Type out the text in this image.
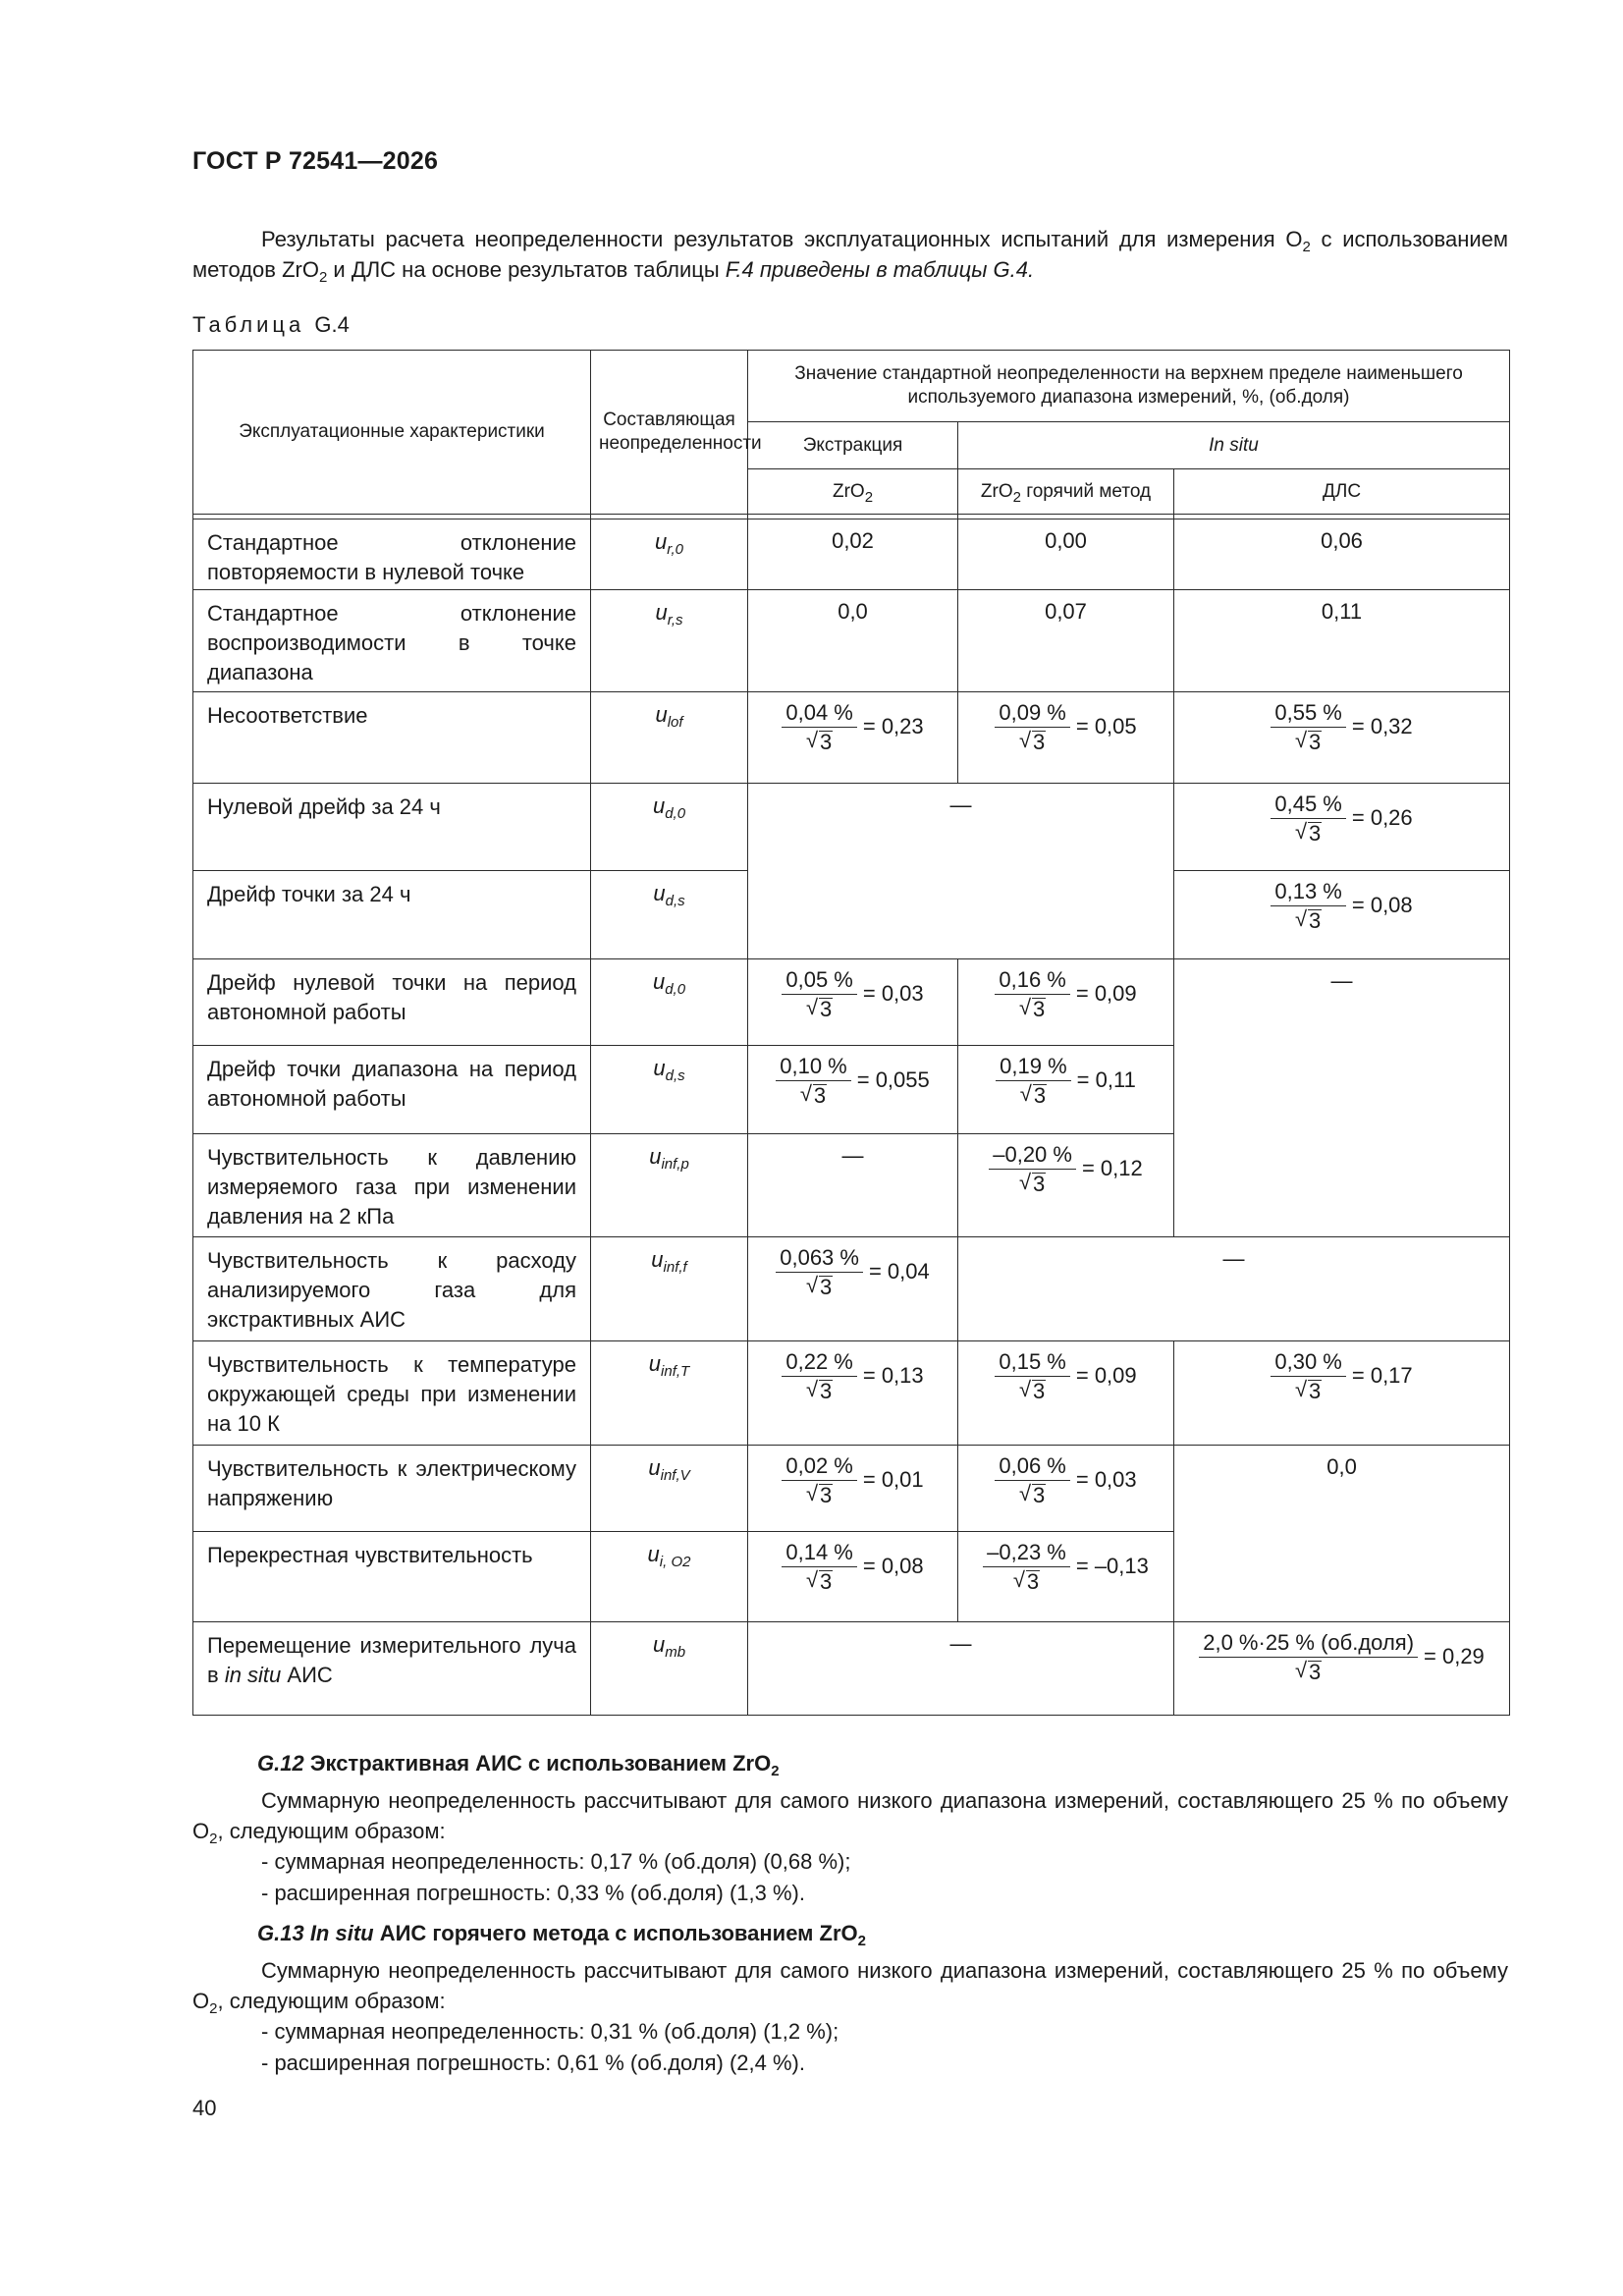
ГОСТ Р 72541—2026
Результаты расчета неопределенности результатов эксплуатационных испытаний для измерения $O_2$ с использованием методов ZrO$_2$ и ДЛС на основе результатов таблицы F.4 приведены в таблицы G.4.
Таблица G.4
Эксплуатационные характеристики	Составляющая неопределенности	Значение стандартной неопределенности на верхнем пределе наименьшего используемого диапазона измерений, %, (об.доля)		
		Экстракция	In situ	
		ZrO$_2$	ZrO$_2$ горячий метод	ДЛС

Стандартное отклонение повторяемости в нулевой точке	$u_{r,0}$	0,02	0,00	0,06
Стандартное отклонение воспроизводимости в точке диапазона	$u_{r,s}$	0,0	0,07	0,11
Несоответствие	$u_{lof}$	$\frac{0,04 \%}{√ 3} = 0,23$	$\frac{0,09 \%}{√ 3} = 0,05$	$\frac{0,55 \%}{√ 3} = 0,32$

Нулевой дрейф за 24 ч	$u_{d,0}$	—		$\frac{0,45 \%}{√ 3} = 0,26$

Дрейф точки за 24 ч	$u_{d,s}$			$\frac{0,13 \%}{√ 3} = 0,08$

Дрейф нулевой точки на период автономной работы	$u_{d,0}$	$\frac{0,05 \%}{√ 3} = 0,03$	$\frac{0,16 \%}{√ 3} = 0,09$	—
Дрейф точки диапазона на период автономной работы	$u_{d,s}$	$\frac{0,10 \%}{√ 3} = 0,055$	$\frac{0,19 \%}{√ 3} = 0,11$	

Чувствительность к давлению измеряемого газа при изменении давления на 2 кПа	$u_{inf,p}$	—	$\frac{-0,20 \%}{√ 3} = 0,12$	

Чувствительность к расходу анализируемого газа для экстрактивных АИС	$u_{inf,f}$	$\frac{0,063 \%}{√ 3} = 0,04$	—	
Чувствительность к температуре окружающей среды при изменении на 10 К	$u_{inf,T}$	$\frac{0,22 \%}{√ 3} = 0,13$	$\frac{0,15 \%}{√ 3} = 0,09$	$\frac{0,30 \%}{√ 3} = 0,17$

Чувствительность к электрическому напряжению	$u_{inf,V}$	$\frac{0,02 \%}{√ 3} = 0,01$	$\frac{0,06 \%}{√ 3} = 0,03$	0,0
Перекрестная чувствительность	$u_{i, O2}$	$\frac{0,14 \%}{√ 3} = 0,08$	$\frac{-0,23 \%}{√ 3} = -0,13$	

Перемещение измерительного луча в in situ АИС	$u_{mb}$	—		$\frac{\text{2,0 \%·25 \% (об.доля)}}{√ 3} = 0,29$
G.12 Экстрактивная АИС с использованием ZrO$_2$
Суммарную неопределенность рассчитывают для самого низкого диапазона измерений, составляющего 25 % по объему $O_2$, следующим образом:
- суммарная неопределенность: 0,17 % (об.доля) (0,68 %);
- расширенная погрешность: 0,33 % (об.доля) (1,3 %).
G.13 In situ АИС горячего метода с использованием ZrO$_2$
Суммарную неопределенность рассчитывают для самого низкого диапазона измерений, составляющего 25 % по объему $O_2$, следующим образом:
- суммарная неопределенность: 0,31 % (об.доля) (1,2 %);
- расширенная погрешность: 0,61 % (об.доля) (2,4 %).
40
